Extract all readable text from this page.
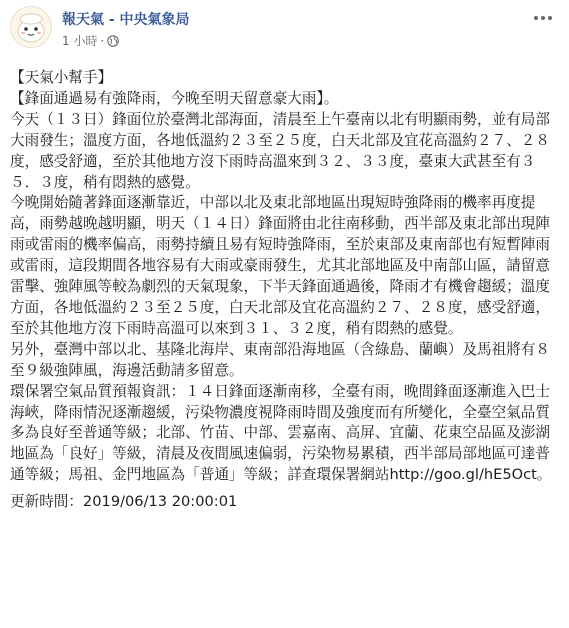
報天氣 - 中央氣象局
1 小時 ·

【天氣小幫手】

【鋒面通過易有強降雨，今晚至明天留意豪大雨】。

今天（１３日）鋒面位於臺灣北部海面，清晨至上午臺南以北有明顯雨勢，並有局部大雨發生；溫度方面，各地低溫約２３至２５度，白天北部及宜花高溫約２７、２８度，感受舒適，至於其他地方沒下雨時高溫來到３２、３３度，臺東大武甚至有３５．３度，稍有悶熱的感覺。

今晚開始隨著鋒面逐漸靠近，中部以北及東北部地區出現短時強降雨的機率再度提高，雨勢越晚越明顯，明天（１４日）鋒面將由北往南移動，西半部及東北部出現陣雨或雷雨的機率偏高，雨勢持續且易有短時強降雨，至於東部及東南部也有短暫陣雨或雷雨，這段期間各地容易有大雨或豪雨發生，尤其北部地區及中南部山區，請留意雷擊、強陣風等較為劇烈的天氣現象，下半天鋒面通過後，降雨才有機會趨緩；溫度方面，各地低溫約２３至２５度，白天北部及宜花高溫約２７、２８度，感受舒適，至於其他地方沒下雨時高溫可以來到３１、３２度，稍有悶熱的感覺。

另外，臺灣中部以北、基隆北海岸、東南部沿海地區（含綠島、蘭嶼）及馬祖將有８至９級強陣風，海邊活動請多留意。

環保署空氣品質預報資訊：１４日鋒面逐漸南移，全臺有雨，晚間鋒面逐漸進入巴士海峽，降雨情況逐漸趨緩，污染物濃度視降雨時間及強度而有所變化，全臺空氣品質多為良好至普通等級；北部、竹苗、中部、雲嘉南、高屏、宜蘭、花東空品區及澎湖地區為「良好」等級，清晨及夜間風速偏弱，污染物易累積，西半部局部地區可達普通等級；馬祖、金門地區為「普通」等級；詳查環保署網站http://goo.gl/hE5Oct。

更新時間：2019/06/13 20:00:01
